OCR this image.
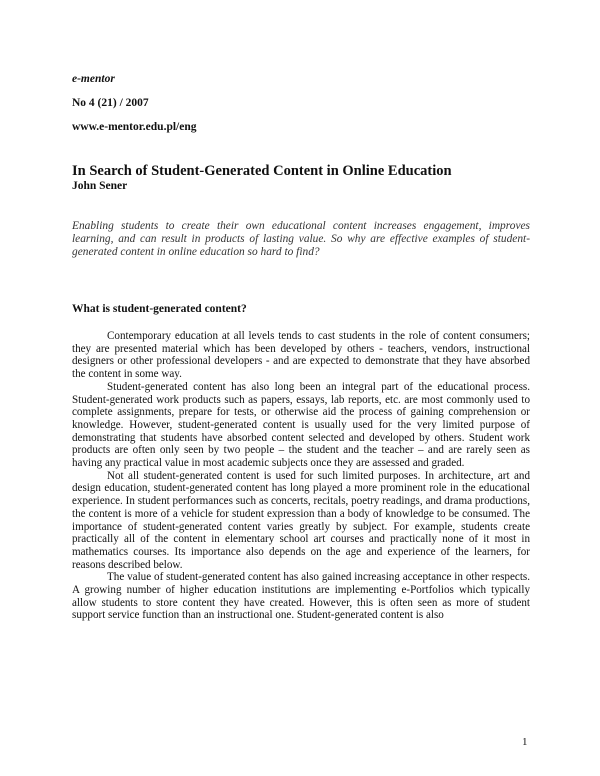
e-mentor
No 4 (21) / 2007
www.e-mentor.edu.pl/eng
In Search of Student-Generated Content in Online Education
John Sener
Enabling students to create their own educational content increases engagement, improves learning, and can result in products of lasting value. So why are effective examples of student-generated content in online education so hard to find?
What is student-generated content?

Contemporary education at all levels tends to cast students in the role of content consumers; they are presented material which has been developed by others - teachers, vendors, instructional designers or other professional developers - and are expected to demonstrate that they have absorbed the content in some way.

Student-generated content has also long been an integral part of the educational process. Student-generated work products such as papers, essays, lab reports, etc. are most commonly used to complete assignments, prepare for tests, or otherwise aid the process of gaining comprehension or knowledge. However, student-generated content is usually used for the very limited purpose of demonstrating that students have absorbed content selected and developed by others. Student work products are often only seen by two people – the student and the teacher – and are rarely seen as having any practical value in most academic subjects once they are assessed and graded.

Not all student-generated content is used for such limited purposes. In architecture, art and design education, student-generated content has long played a more prominent role in the educational experience. In student performances such as concerts, recitals, poetry readings, and drama productions, the content is more of a vehicle for student expression than a body of knowledge to be consumed. The importance of student-generated content varies greatly by subject. For example, students create practically all of the content in elementary school art courses and practically none of it most in mathematics courses. Its importance also depends on the age and experience of the learners, for reasons described below.

The value of student-generated content has also gained increasing acceptance in other respects. A growing number of higher education institutions are implementing e-Portfolios which typically allow students to store content they have created. However, this is often seen as more of student support service function than an instructional one. Student-generated content is also

1
